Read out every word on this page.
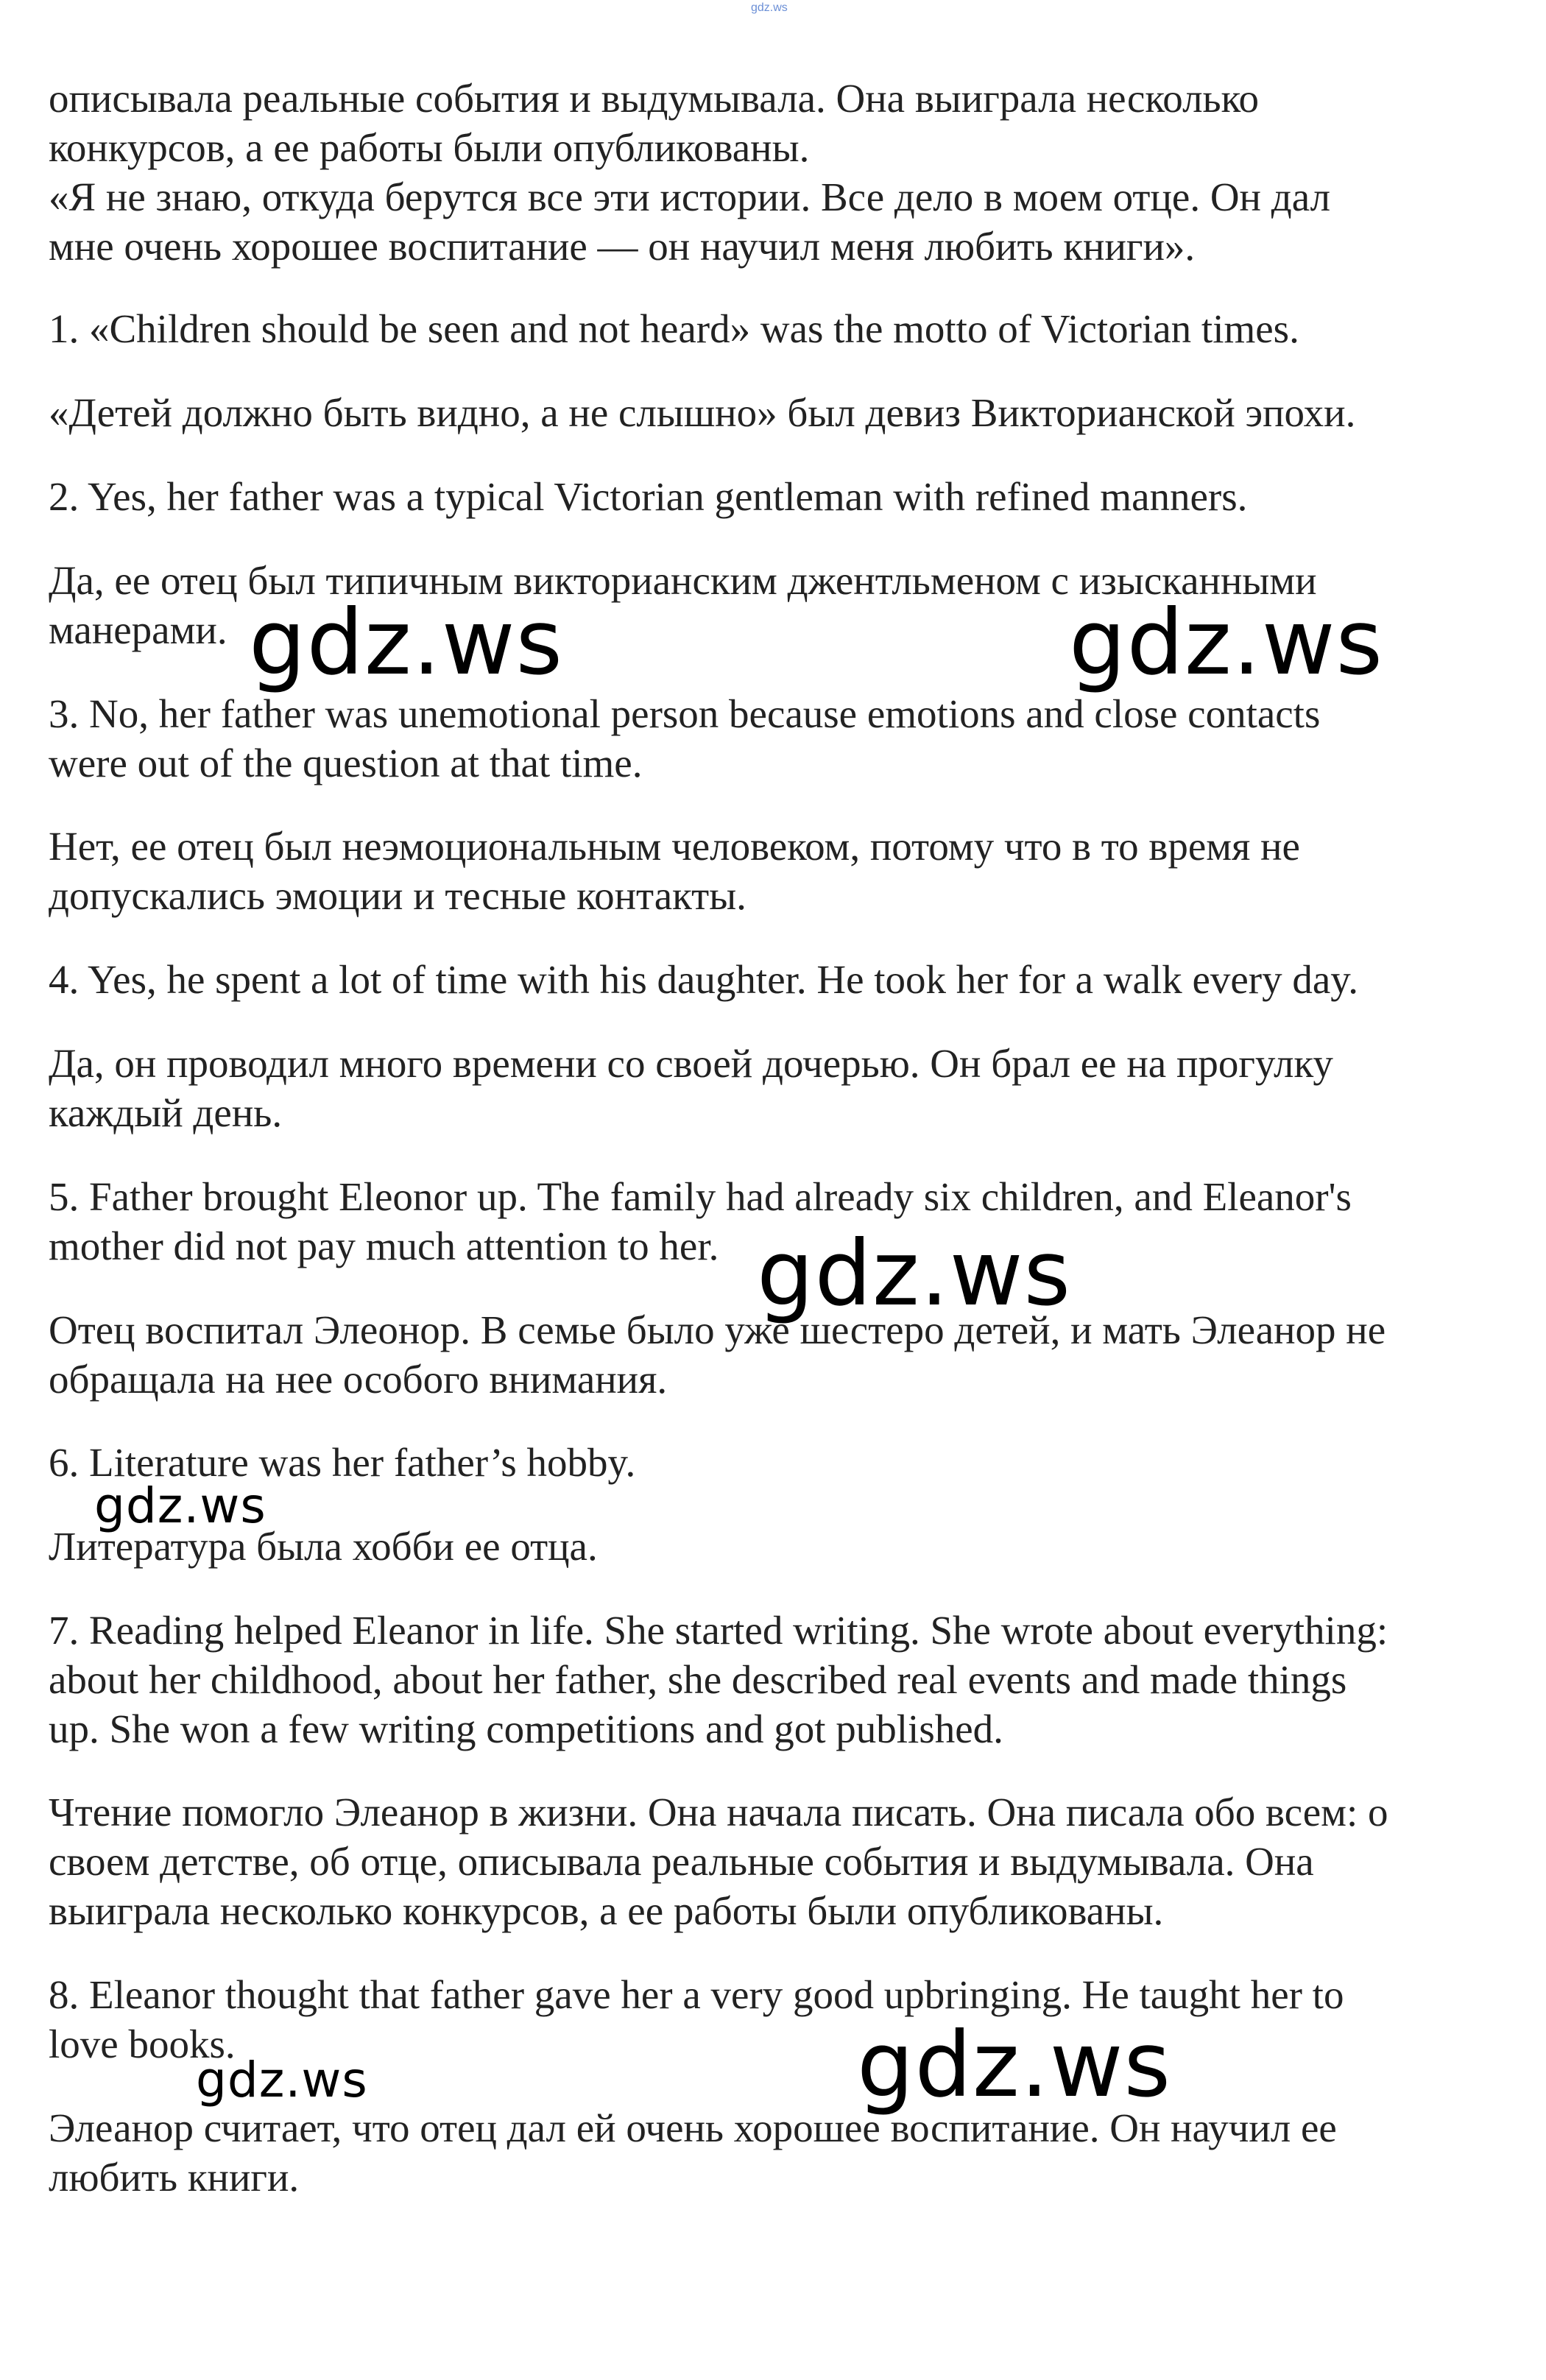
gdz.ws

описывала реальные события и выдумывала. Она выиграла несколько
конкурсов, а ее работы были опубликованы.
«Я не знаю, откуда берутся все эти истории. Все дело в моем отце. Он дал
мне очень хорошее воспитание — он научил меня любить книги».

1. «Children should be seen and not heard» was the motto of Victorian times.

«Детей должно быть видно, а не слышно» был девиз Викторианской эпохи.

2. Yes, her father was a typical Victorian gentleman with refined manners.

Да, ее отец был типичным викторианским джентльменом с изысканными
манерами.

3. No, her father was unemotional person because emotions and close contacts
were out of the question at that time.

Нет, ее отец был неэмоциональным человеком, потому что в то время не
допускались эмоции и тесные контакты.

4. Yes, he spent a lot of time with his daughter. He took her for a walk every day.

Да, он проводил много времени со своей дочерью. Он брал ее на прогулку
каждый день.

5. Father brought Eleonor up. The family had already six children, and Eleanor's
mother did not pay much attention to her.

Отец воспитал Элеонор. В семье было уже шестеро детей, и мать Элеанор не
обращала на нее особого внимания.

6. Literature was her father’s hobby.

Литература была хобби ее отца.

7. Reading helped Eleanor in life. She started writing. She wrote about everything:
about her childhood, about her father, she described real events and made things
up. She won a few writing competitions and got published.

Чтение помогло Элеанор в жизни. Она начала писать. Она писала обо всем: о
своем детстве, об отце, описывала реальные события и выдумывала. Она
выиграла несколько конкурсов, а ее работы были опубликованы.

8. Eleanor thought that father gave her a very good upbringing. He taught her to
love books.

Элеанор считает, что отец дал ей очень хорошее воспитание. Он научил ее
любить книги.

gdz.ws	gdz.ws
gdz.ws
gdz.ws
gdz.ws
gdz.ws
